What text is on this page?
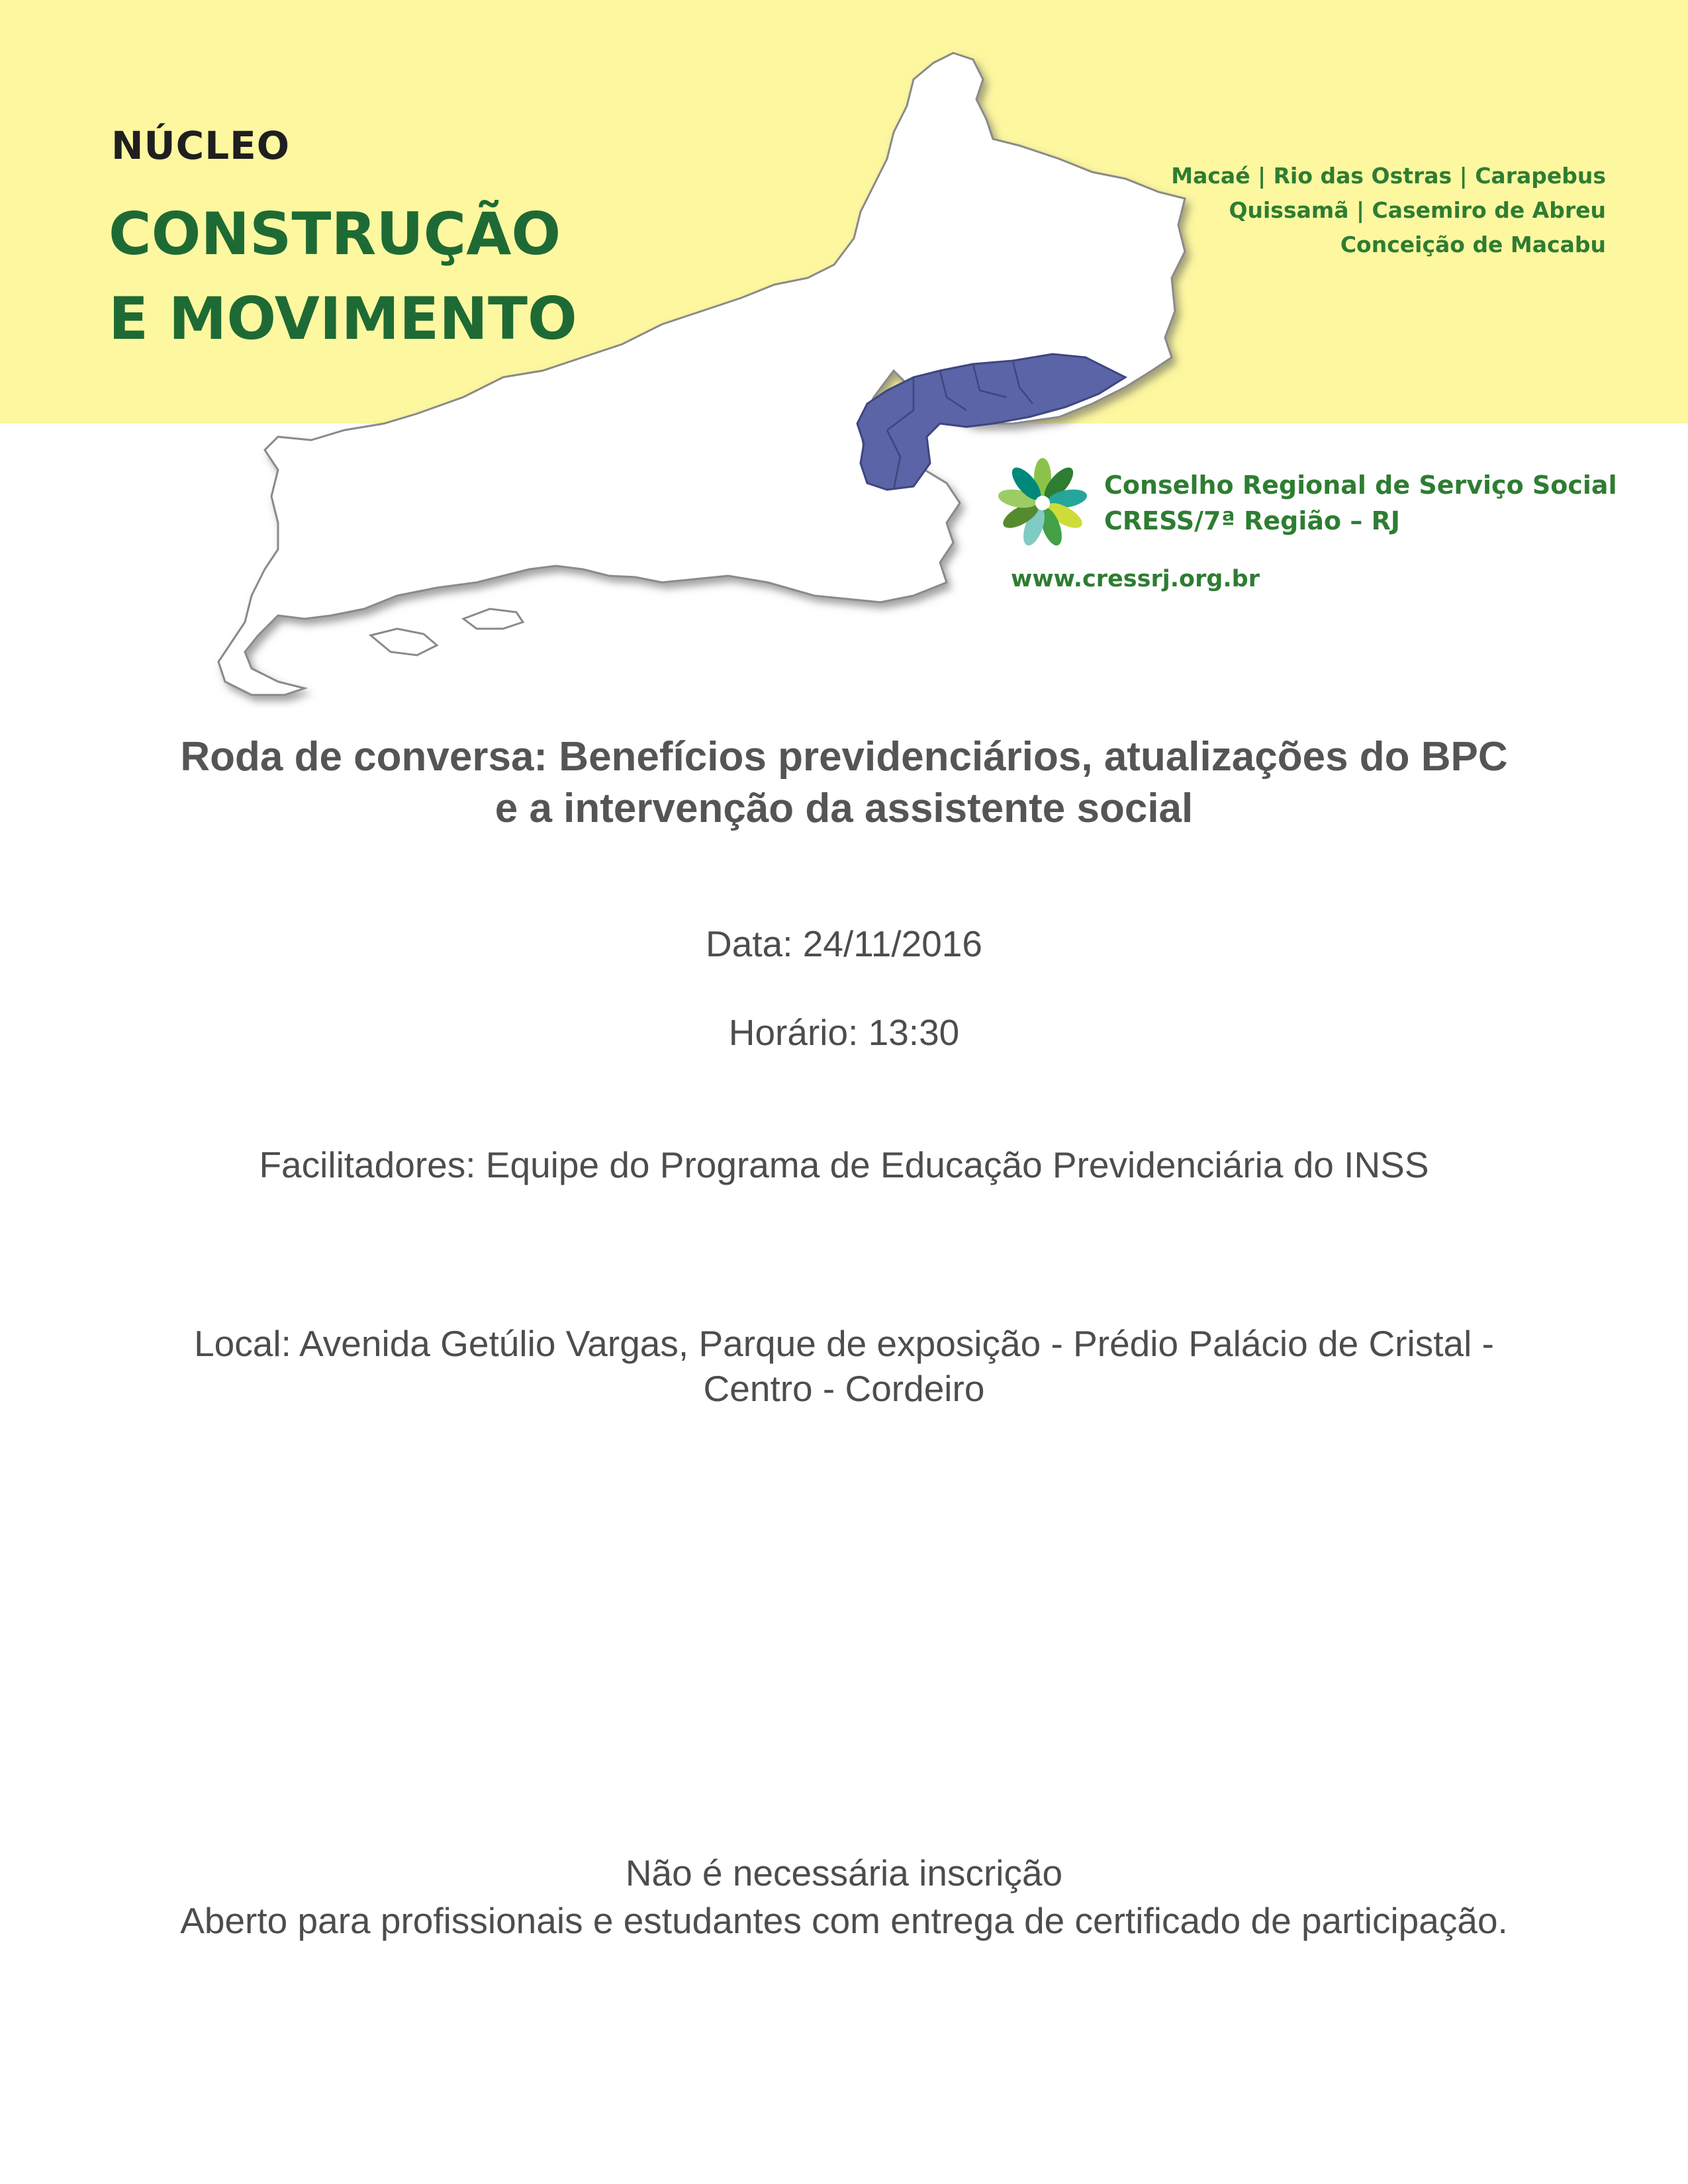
NÚCLEO
CONSTRUÇÃO
E MOVIMENTO
Macaé | Rio das Ostras | Carapebus
Quissamã | Casemiro de Abreu
Conceição de Macabu
Conselho Regional de Serviço Social
CRESS/7ª Região – RJ
www.cressrj.org.br
Roda de conversa: Benefícios previdenciários, atualizações do BPC
e a intervenção da assistente social
Data: 24/11/2016
Horário: 13:30
Facilitadores: Equipe do Programa de Educação Previdenciária do INSS
Local: Avenida Getúlio Vargas, Parque de exposição - Prédio Palácio de Cristal -
Centro - Cordeiro
Não é necessária inscrição
Aberto para profissionais e estudantes com entrega de certificado de participação.
